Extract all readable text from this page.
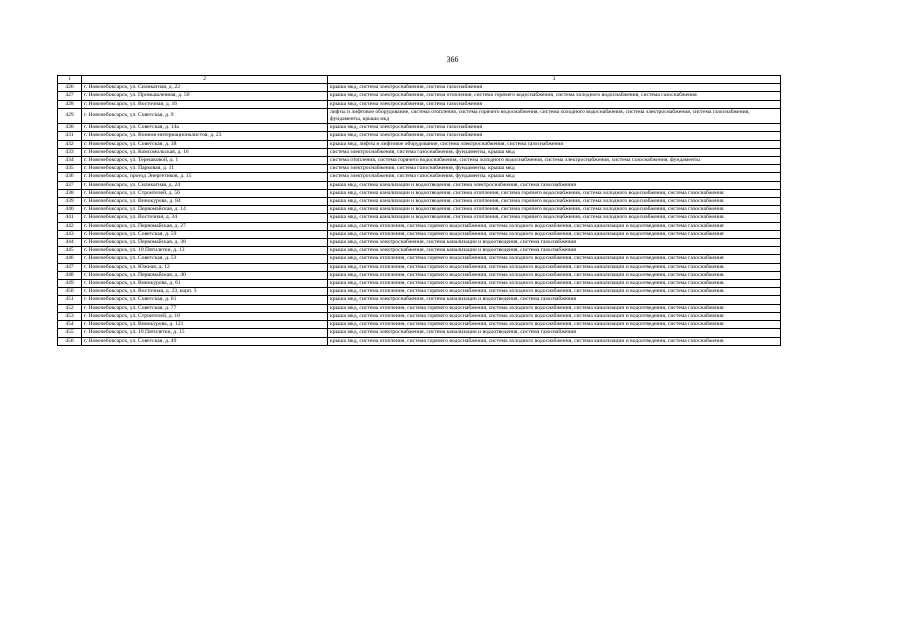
366
1	2	3
426	г. Новочебоксарск, ул. Силикатная, д. 22	крыша мкд, система электроснабжения, система газоснабжения
427	г. Новочебоксарск, ул. Промышленная, д. 50	крыша мкд, система электроснабжения, система отопления, система горячего водоснабжения, система холодного водоснабжения, система газоснабжения
428	г. Новочебоксарск, ул. Восточная, д. 16	крыша мкд, система электроснабжения, система газоснабжения
429	г. Новочебоксарск, ул. Советская, д. 9	лифты и лифтовое оборудование, система отопления, система горячего водоснабжения, система холодного водоснабжения, система электроснабжения, система газоснабжения, фундаменты, крыша мкд
430	г. Новочебоксарск, ул. Советская, д. 14а	крыша мкд, система электроснабжения, система газоснабжения
431	г. Новочебоксарск, ул. Воинов-интернационалистов, д. 23	крыша мкд, система электроснабжения, система газоснабжения
432	г. Новочебоксарск, ул. Советская, д. 38	крыша мкд, лифты и лифтовое оборудование, система электроснабжения, система газоснабжения
433	г. Новочебоксарск, ул. Комсомольская, д. 16	система электроснабжения, система газоснабжения, фундаменты, крыша мкд
434	г. Новочебоксарск, ул. Терешковой, д. 1	система отопления, система горячего водоснабжения, система холодного водоснабжения, система электроснабжения, система газоснабжения, фундаменты
435	г. Новочебоксарск, ул. Парковая, д. 11	система электроснабжения, система газоснабжения, фундаменты, крыша мкд
436	г. Новочебоксарск, проезд Энергетиков, д. 15	система электроснабжения, система газоснабжения, фундаменты, крыша мкд
437	г. Новочебоксарск, ул. Силикатная, д. 24	крыша мкд, система канализации и водоотведения, система электроснабжения, система газоснабжения
438	г. Новочебоксарск, ул. Строителей, д. 56	крыша мкд, система канализации и водоотведения, система отопления, система горячего водоснабжения, система холодного водоснабжения, система газоснабжения
439	г. Новочебоксарск, ул. Винокурова, д. 84	крыша мкд, система канализации и водоотведения, система отопления, система горячего водоснабжения, система холодного водоснабжения, система газоснабжения
440	г. Новочебоксарск, ул. Первомайская, д. 14	крыша мкд, система канализации и водоотведения, система отопления, система горячего водоснабжения, система холодного водоснабжения, система газоснабжения
441	г. Новочебоксарск, ул. Восточная, д. 34	крыша мкд, система канализации и водоотведения, система отопления, система горячего водоснабжения, система холодного водоснабжения, система газоснабжения
442	г. Новочебоксарск, ул. Первомайская, д. 27	крыша мкд, система отопления, система горячего водоснабжения, система холодного водоснабжения, система канализации и водоотведения, система газоснабжения
443	г. Новочебоксарск, ул. Советская, д. 59	крыша мкд, система отопления, система горячего водоснабжения, система холодного водоснабжения, система канализации и водоотведения, система газоснабжения
444	г. Новочебоксарск, ул. Первомайская, д. 38	крыша мкд, система электроснабжения, система канализации и водоотведения, система газоснабжения
445	г. Новочебоксарск, ул. 10 Пятилетки, д. 13	крыша мкд, система электроснабжения, система канализации и водоотведения, система газоснабжения
446	г. Новочебоксарск, ул. Советская, д. 53	крыша мкд, система отопления, система горячего водоснабжения, система холодного водоснабжения, система канализации и водоотведения, система газоснабжения
447	г. Новочебоксарск, ул. Южная, д. 12	крыша мкд, система отопления, система горячего водоснабжения, система холодного водоснабжения, система канализации и водоотведения, система газоснабжения
448	г. Новочебоксарск, ул. Первомайская, д. 40	крыша мкд, система отопления, система горячего водоснабжения, система холодного водоснабжения, система канализации и водоотведения, система газоснабжения
449	г. Новочебоксарск, ул. Винокурова, д. 61	крыша мкд, система отопления, система горячего водоснабжения, система холодного водоснабжения, система канализации и водоотведения, система газоснабжения
450	г. Новочебоксарск, ул. Восточная, д. 23, корп. 3	крыша мкд, система отопления, система горячего водоснабжения, система холодного водоснабжения, система канализации и водоотведения, система газоснабжения
451	г. Новочебоксарск, ул. Советская, д. 61	крыша мкд, система электроснабжения, система канализации и водоотведения, система газоснабжения
452	г. Новочебоксарск, ул. Советская, д. 77	крыша мкд, система отопления, система горячего водоснабжения, система холодного водоснабжения, система канализации и водоотведения, система газоснабжения
453	г. Новочебоксарск, ул. Строителей, д. 10	крыша мкд, система отопления, система горячего водоснабжения, система холодного водоснабжения, система канализации и водоотведения, система газоснабжения
454	г. Новочебоксарск, ул. Винокурова, д. 121	крыша мкд, система отопления, система горячего водоснабжения, система холодного водоснабжения, система канализации и водоотведения, система газоснабжения
455	г. Новочебоксарск, ул. 10 Пятилетки, д. 15	крыша мкд, система электроснабжения, система канализации и водоотведения, система газоснабжения
456	г. Новочебоксарск, ул. Советская, д. 49	крыша мкд, система отопления, система горячего водоснабжения, система холодного водоснабжения, система канализации и водоотведения, система газоснабжения
